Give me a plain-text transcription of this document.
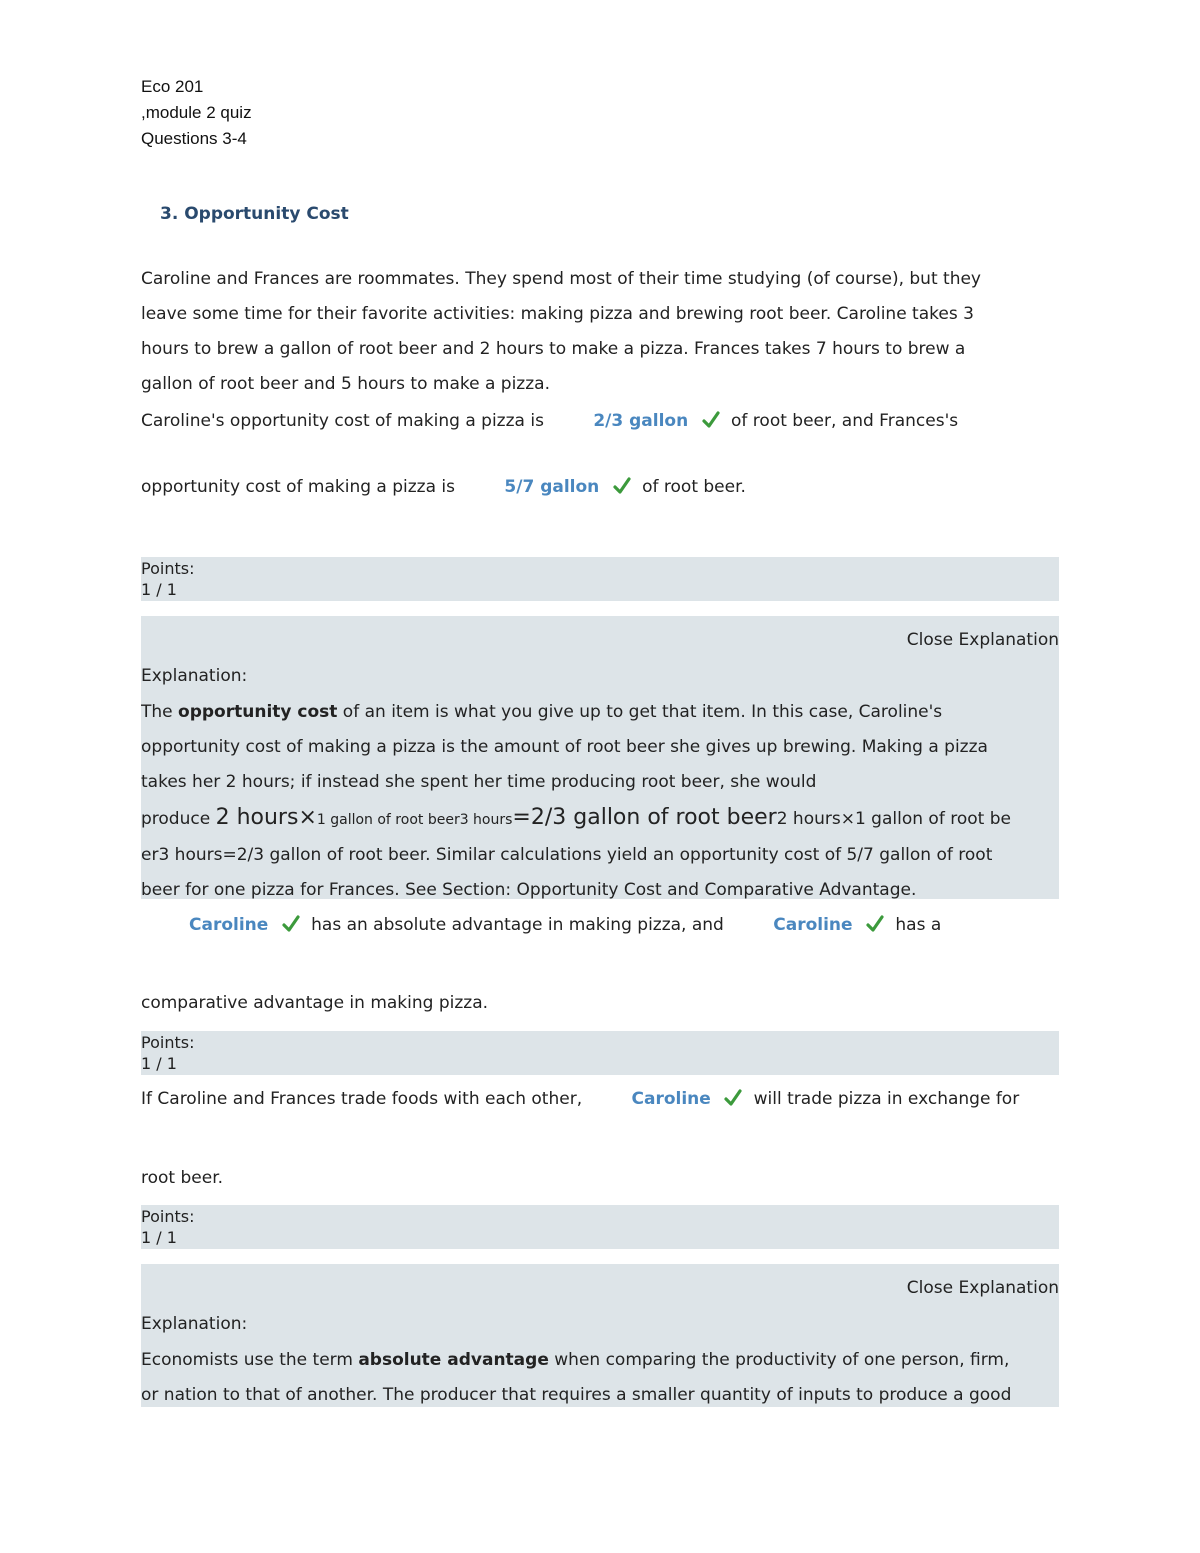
Eco 201
,module 2 quiz
Questions 3-4
3. Opportunity Cost
Caroline and Frances are roommates. They spend most of their time studying (of course), but they
leave some time for their favorite activities: making pizza and brewing root beer. Caroline takes 3
hours to brew a gallon of root beer and 2 hours to make a pizza. Frances takes 7 hours to brew a
gallon of root beer and 5 hours to make a pizza.
Caroline's opportunity cost of making a pizza is	2/3 gallon	of root beer, and Frances's
opportunity cost of making a pizza is	5/7 gallon	of root beer.
Points:
1 / 1
Close Explanation
Explanation:
The opportunity cost of an item is what you give up to get that item. In this case, Caroline's
opportunity cost of making a pizza is the amount of root beer she gives up brewing. Making a pizza
takes her 2 hours; if instead she spent her time producing root beer, she would
produce 2 hours×1 gallon of root beer3 hours=2/3 gallon of root beer2 hours×1 gallon of root be
er3 hours=2/3 gallon of root beer. Similar calculations yield an opportunity cost of 5/7 gallon of root
beer for one pizza for Frances. See Section: Opportunity Cost and Comparative Advantage.
Caroline	has an absolute advantage in making pizza, and	Caroline	has a
comparative advantage in making pizza.
Points:
1 / 1
If Caroline and Frances trade foods with each other,	Caroline	will trade pizza in exchange for
root beer.
Points:
1 / 1
Close Explanation
Explanation:
Economists use the term absolute advantage when comparing the productivity of one person, firm,
or nation to that of another. The producer that requires a smaller quantity of inputs to produce a good
